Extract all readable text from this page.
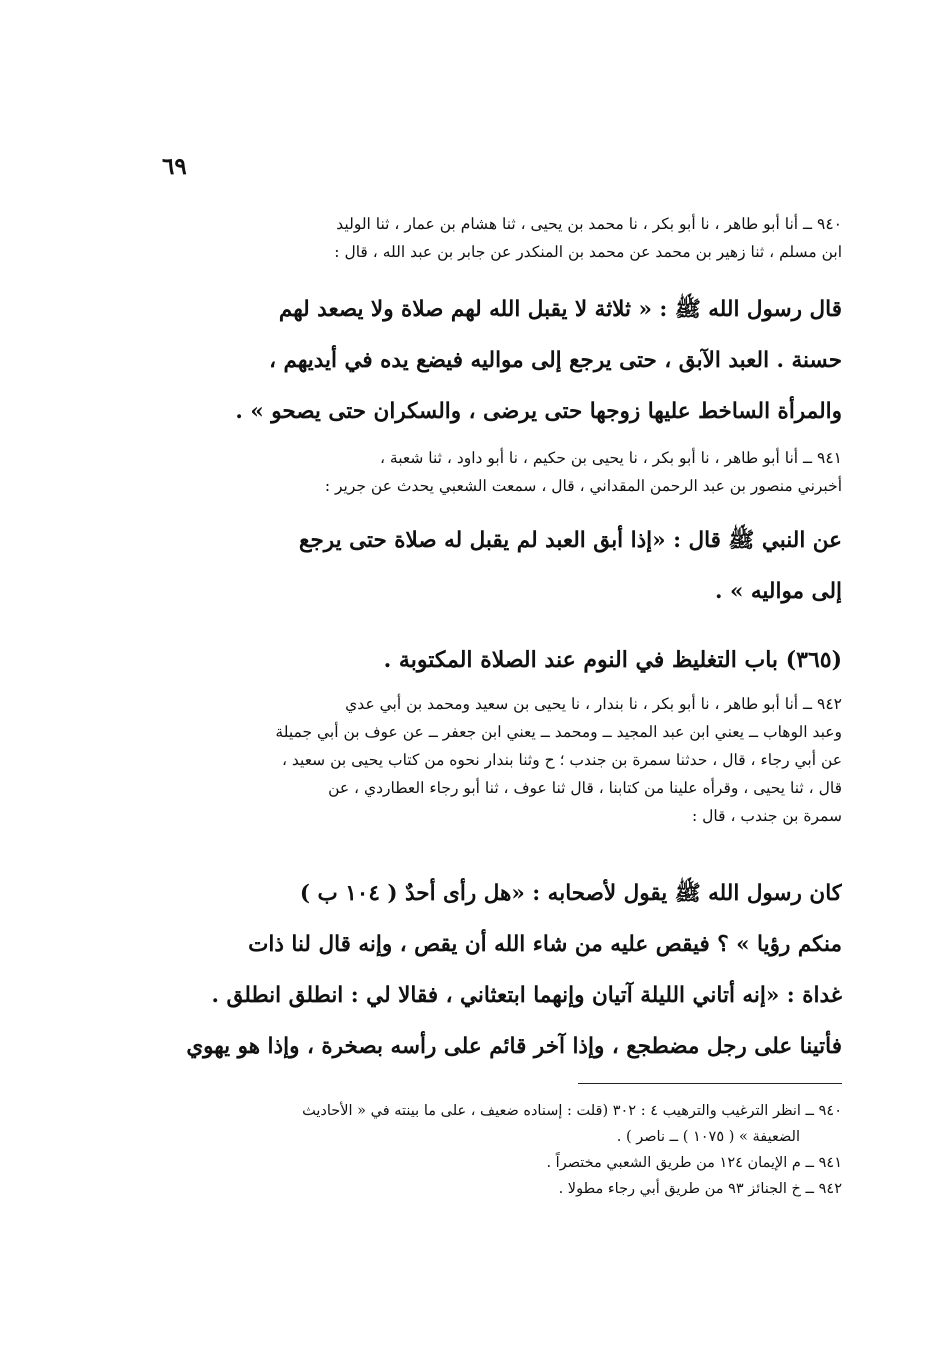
٦٩
٩٤٠ ــ أنا أبو طاهر ، نا أبو بكر ، نا محمد بن يحيى ، ثنا هشام بن عمار ، ثنا الوليد
ابن مسلم ، ثنا زهير بن محمد عن محمد بن المنكدر عن جابر بن عبد الله ، قال :
قال رسول الله ﷺ : « ثلاثة لا يقبل الله لهم صلاة ولا يصعد لهم
حسنة . العبد الآبق ، حتى يرجع إلى مواليه فيضع يده في أيديهم ،
والمرأة الساخط عليها زوجها حتى يرضى ، والسكران حتى يصحو » .
٩٤١ ــ أنا أبو طاهر ، نا أبو بكر ، نا يحيى بن حكيم ، نا أبو داود ، ثنا شعبة ،
أخبرني منصور بن عبد الرحمن المقداني ، قال ، سمعت الشعبي يحدث عن جرير :
عن النبي ﷺ قال : «إذا أبق العبد لم يقبل له صلاة حتى يرجع
إلى مواليه » .
(٣٦٥) باب التغليظ في النوم عند الصلاة المكتوبة .
٩٤٢ ــ أنا أبو طاهر ، نا أبو بكر ، نا بندار ، نا يحيى بن سعيد ومحمد بن أبي عدي
وعبد الوهاب ــ يعني ابن عبد المجيد ــ ومحمد ــ يعني ابن جعفر ــ عن عوف بن أبي جميلة
عن أبي رجاء ، قال ، حدثنا سمرة بن جندب ؛ ح وثنا بندار نحوه من كتاب يحيى بن سعيد ،
قال ، ثنا يحيى ، وقرأه علينا من كتابنا ، قال ثنا عوف ، ثنا أبو رجاء العطاردي ، عن
سمرة بن جندب ، قال :
كان رسول الله ﷺ يقول لأصحابه : «هل رأى أحدٌ ( ١٠٤ ب )
منكم رؤيا » ؟ فيقص عليه من شاء الله أن يقص ، وإنه قال لنا ذات
غداة : «إنه أتاني الليلة آتيان وإنهما ابتعثاني ، فقالا لي : انطلق انطلق .
فأتينا على رجل مضطجع ، وإذا آخر قائم على رأسه بصخرة ، وإذا هو يهوي
٩٤٠ ــ انظر الترغيب والترهيب ٤ : ٣٠٢ (قلت : إسناده ضعيف ، على ما بينته في « الأحاديث
الضعيفة » ( ١٠٧٥ ) ــ ناصر ) .
٩٤١ ــ م الإيمان ١٢٤ من طريق الشعبي مختصراً .
٩٤٢ ــ خ الجنائز ٩٣ من طريق أبي رجاء مطولا .
